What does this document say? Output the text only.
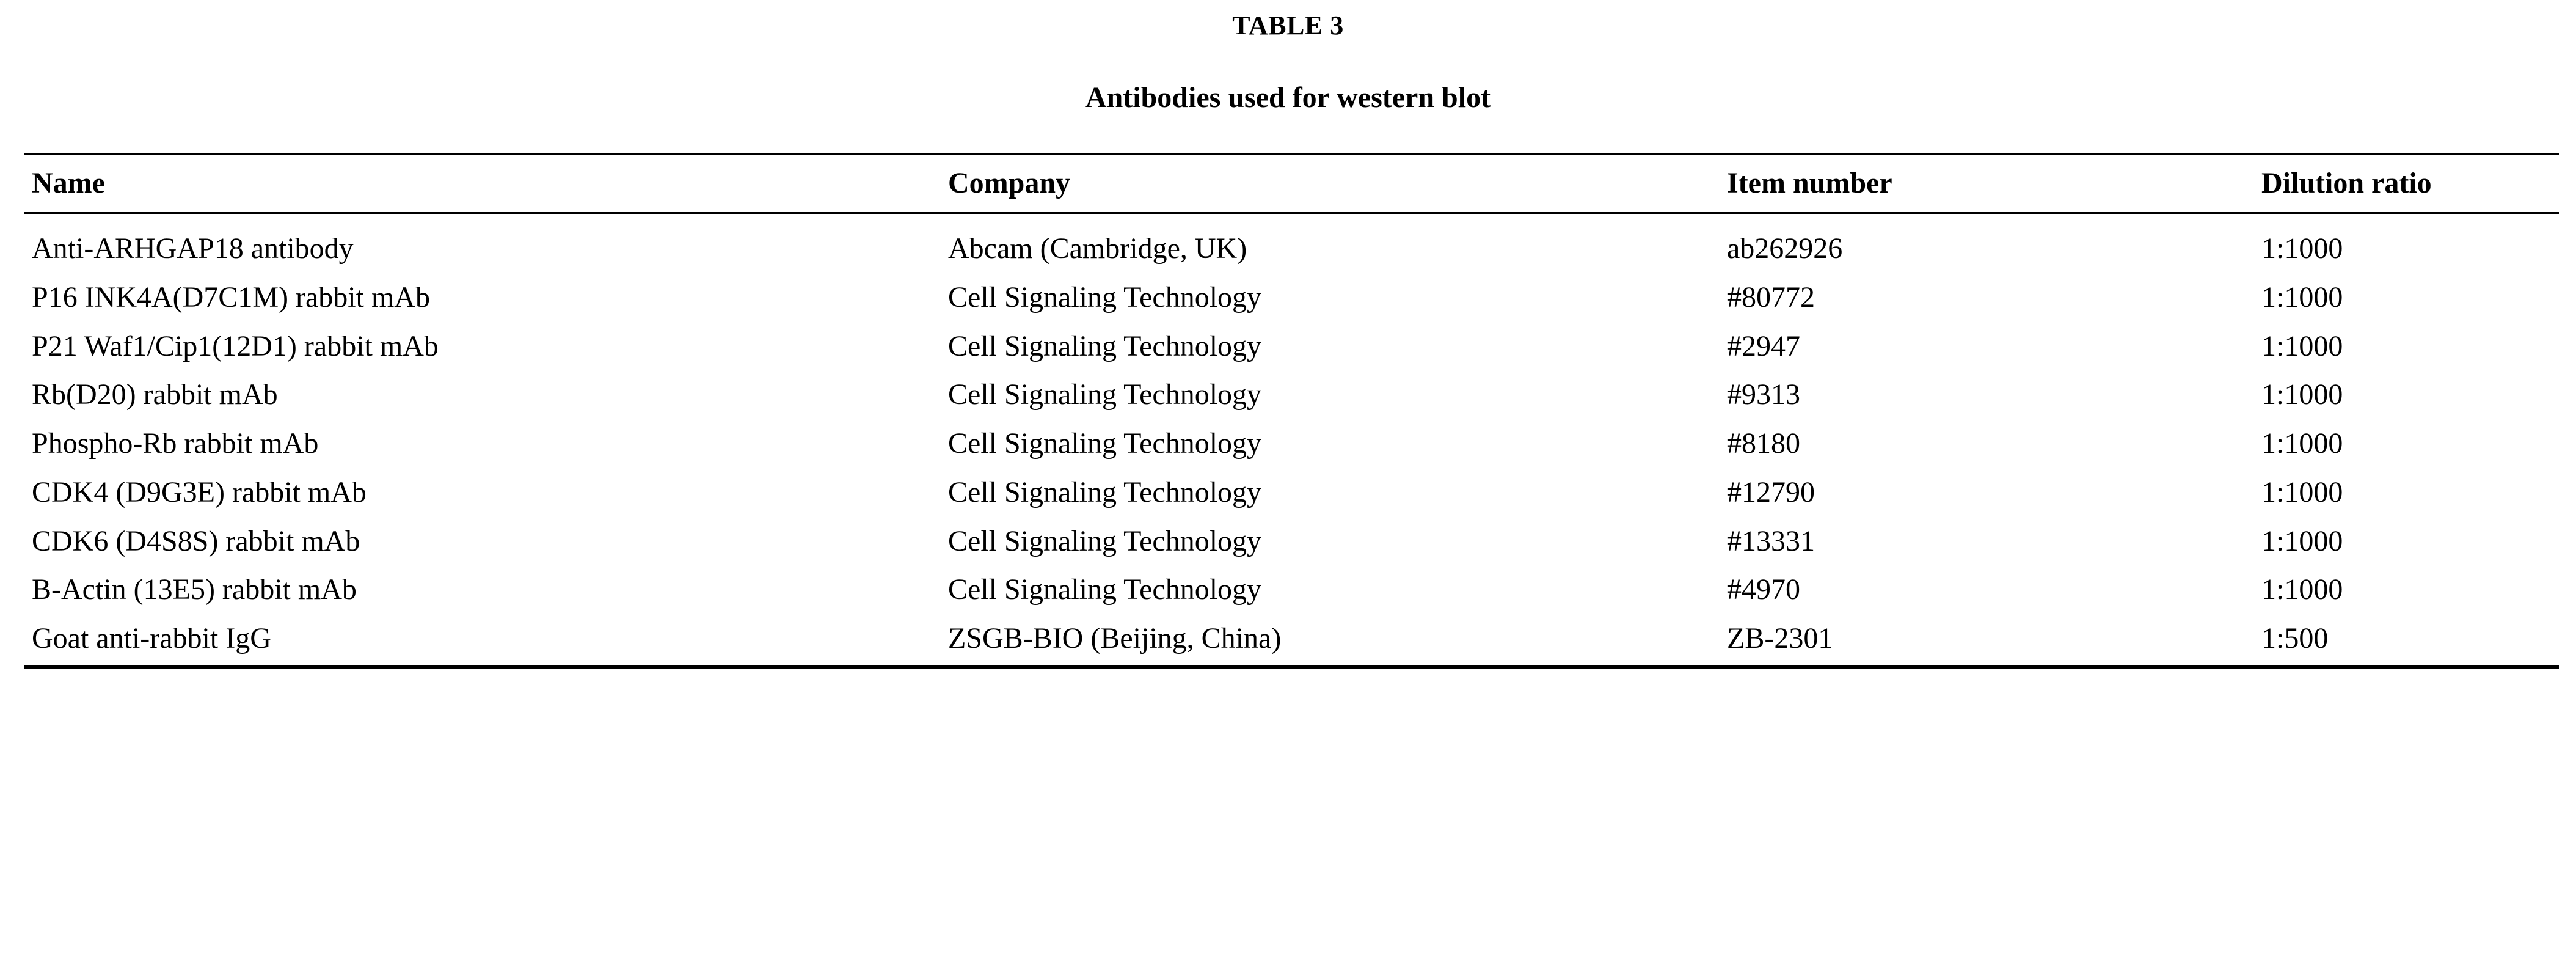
TABLE 3
Antibodies used for western blot
Name	Company	Item number	Dilution ratio
Anti-ARHGAP18 antibody	Abcam (Cambridge, UK)	ab262926	1:1000
P16 INK4A(D7C1M) rabbit mAb	Cell Signaling Technology	#80772	1:1000
P21 Waf1/Cip1(12D1) rabbit mAb	Cell Signaling Technology	#2947	1:1000
Rb(D20) rabbit mAb	Cell Signaling Technology	#9313	1:1000
Phospho-Rb rabbit mAb	Cell Signaling Technology	#8180	1:1000
CDK4 (D9G3E) rabbit mAb	Cell Signaling Technology	#12790	1:1000
CDK6 (D4S8S) rabbit mAb	Cell Signaling Technology	#13331	1:1000
B-Actin (13E5) rabbit mAb	Cell Signaling Technology	#4970	1:1000
Goat anti-rabbit IgG	ZSGB-BIO (Beijing, China)	ZB-2301	1:500
